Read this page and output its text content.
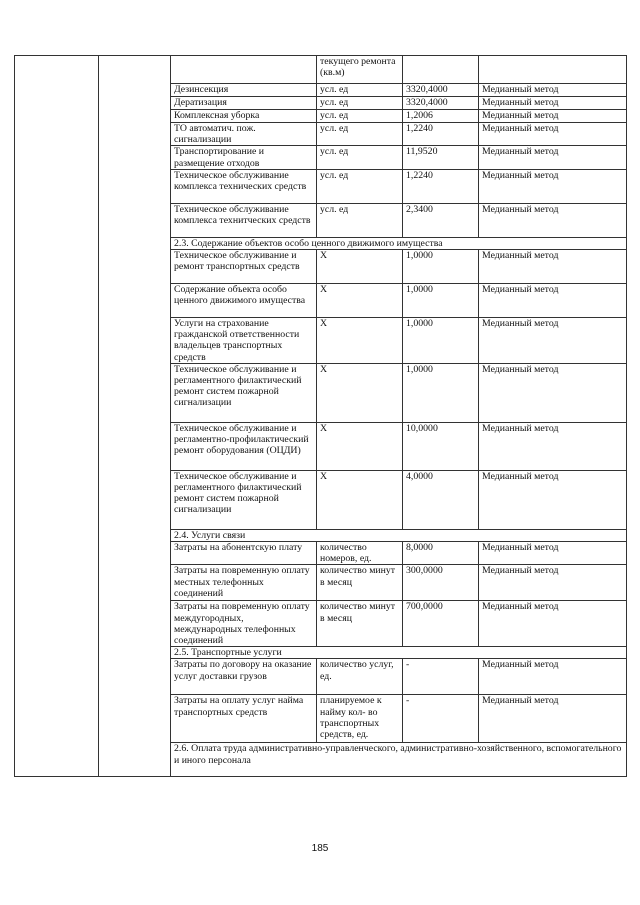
			текущего ремонта (кв.м)		
		Дезинсекция	усл. ед	3320,4000	Медианный метод
		Дератизация	усл. ед	3320,4000	Медианный метод
		Комплексная уборка	усл. ед	1,2006	Медианный метод
		ТО автоматич. пож. сигнализации	усл. ед	1,2240	Медианный метод
		Транспортирование и размещение отходов	усл. ед	11,9520	Медианный метод
		Техническое обслуживание комплекса технических средств	усл. ед	1,2240	Медианный метод
		Техническое обслуживание комплекса технитческих средств	усл. ед	2,3400	Медианный метод
		2.3. Содержание объектов особо ценного движимого имущества			
		Техническое обслуживание и ремонт транспортных средств	Х	1,0000	Медианный метод
		Содержание объекта особо ценного движимого имущества	Х	1,0000	Медианный метод
		Услуги на страхование гражданской ответственности владельцев транспортных средств	Х	1,0000	Медианный метод
		Техническое обслуживание и регламентного филактический ремонт систем пожарной сигнализации	Х	1,0000	Медианный метод
		Техническое обслуживание и регламентно-профилактический ремонт оборудования (ОЦДИ)	Х	10,0000	Медианный метод
		Техническое обслуживание и регламентного филактический ремонт систем пожарной сигнализации	Х	4,0000	Медианный метод
		2.4. Услуги связи			
		Затраты на абонентскую плату	количество номеров, ед.	8,0000	Медианный метод
		Затраты на повременную оплату местных телефонных соединений	количество минут в месяц	300,0000	Медианный метод
		Затраты на повременную оплату междугородных, международных телефонных соединений	количество минут в месяц	700,0000	Медианный метод
		2.5. Транспортные услуги			
		Затраты по договору на оказание услуг доставки грузов	количество услуг, ед.	-	Медианный метод
		Затраты на оплату услуг найма транспортных средств	планируемое к найму кол- во транспортных средств, ед.	-	Медианный метод
		2.6. Оплата труда административно-управленческого, административно-хозяйственного, вспомогательного и иного персонала			
185
